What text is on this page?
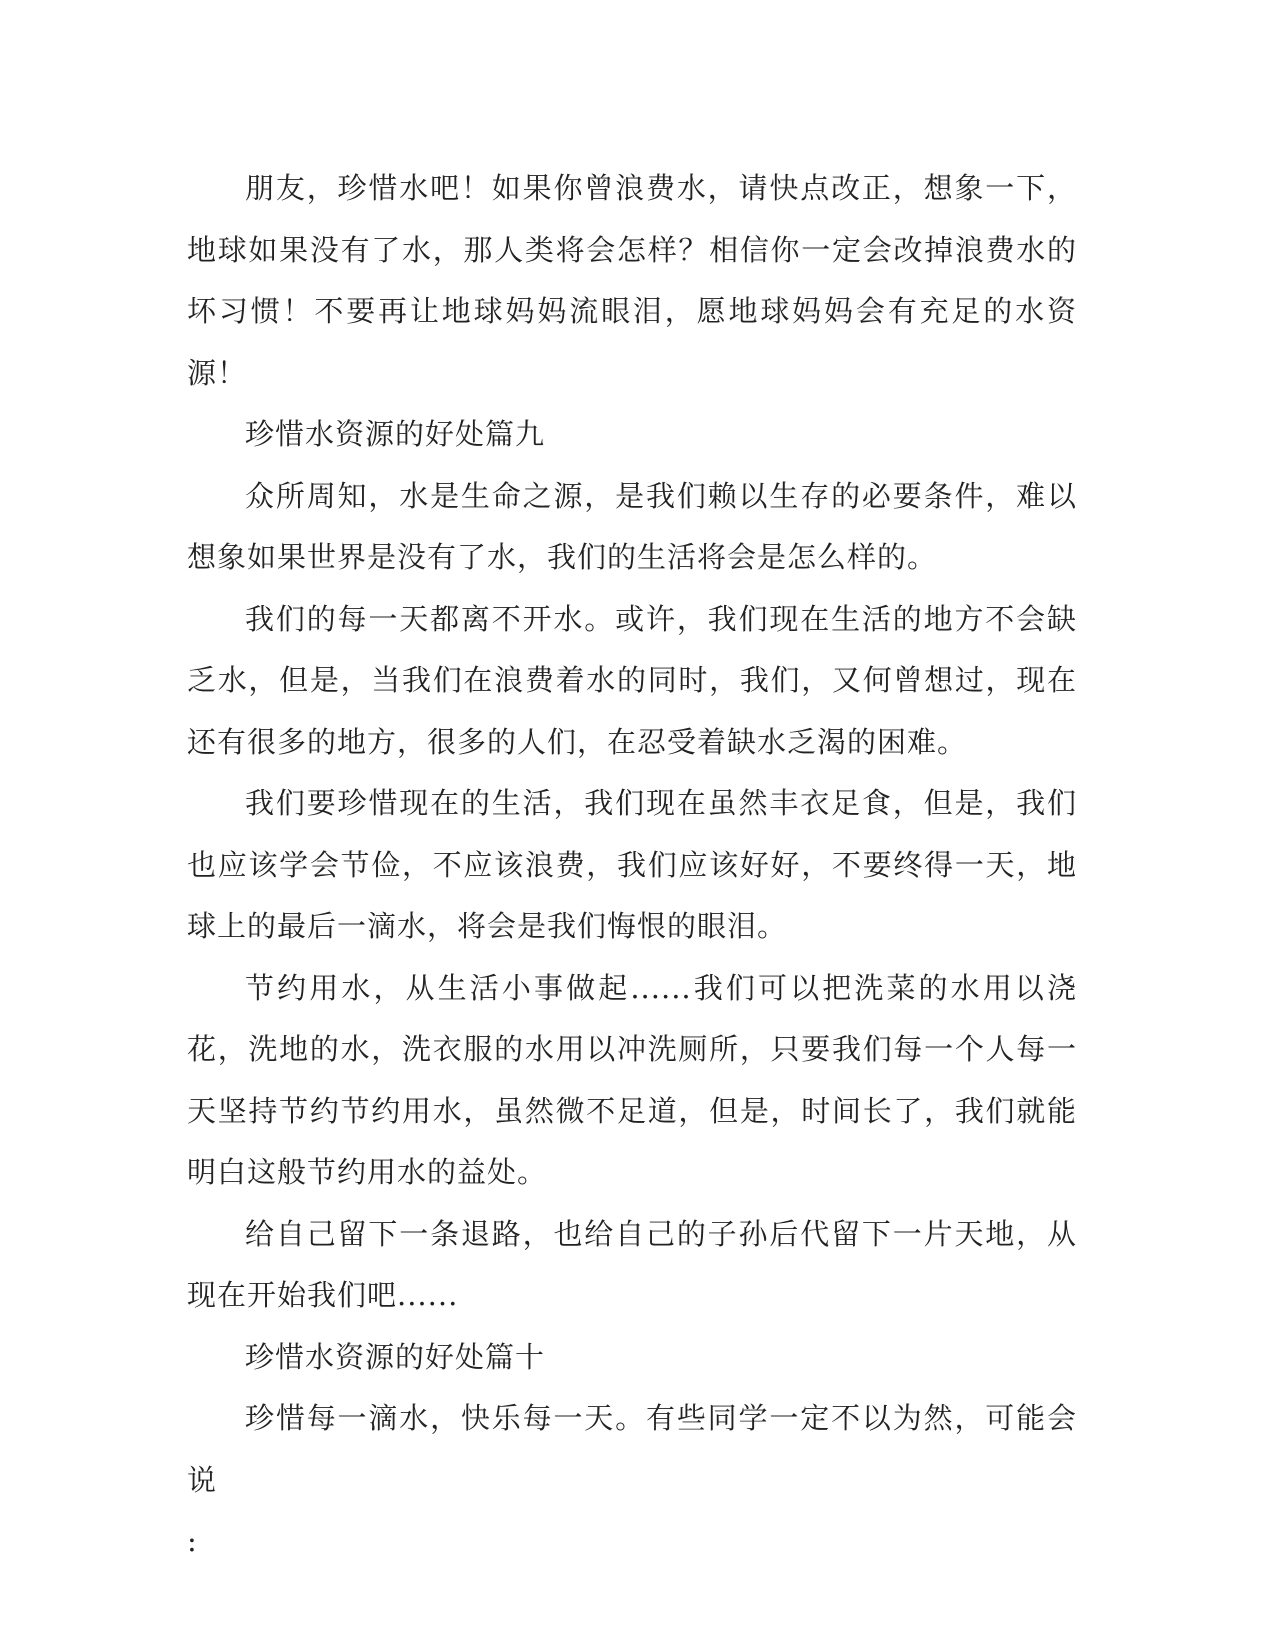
朋友，珍惜水吧！如果你曾浪费水，请快点改正，想象一下，地球如果没有了水，那人类将会怎样？相信你一定会改掉浪费水的坏习惯！不要再让地球妈妈流眼泪，愿地球妈妈会有充足的水资源！

珍惜水资源的好处篇九

众所周知，水是生命之源，是我们赖以生存的必要条件，难以想象如果世界是没有了水，我们的生活将会是怎么样的。

我们的每一天都离不开水。或许，我们现在生活的地方不会缺乏水，但是，当我们在浪费着水的同时，我们，又何曾想过，现在还有很多的地方，很多的人们，在忍受着缺水乏渴的困难。

我们要珍惜现在的生活，我们现在虽然丰衣足食，但是，我们也应该学会节俭，不应该浪费，我们应该好好，不要终得一天，地球上的最后一滴水，将会是我们悔恨的眼泪。

节约用水，从生活小事做起......我们可以把洗菜的水用以浇花，洗地的水，洗衣服的水用以冲洗厕所，只要我们每一个人每一天坚持节约节约用水，虽然微不足道，但是，时间长了，我们就能明白这般节约用水的益处。

给自己留下一条退路，也给自己的子孙后代留下一片天地，从现在开始我们吧......

珍惜水资源的好处篇十

珍惜每一滴水，快乐每一天。有些同学一定不以为然，可能会说

:
